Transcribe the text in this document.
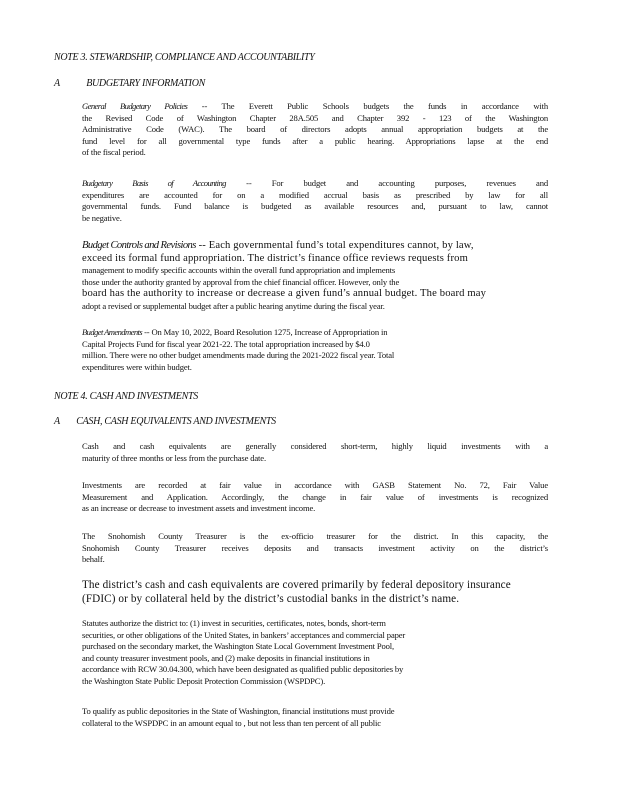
NOTE 3. STEWARDSHIP, COMPLIANCE AND ACCOUNTABILITY
A	BUDGETARY INFORMATION
General Budgetary Policies -- The Everett Public Schools budgets the funds in accordance with
the Revised Code of Washington Chapter 28A.505 and Chapter 392 - 123 of the Washington
Administrative Code (WAC). The board of directors adopts annual appropriation budgets at the
fund level for all governmental type funds after a public hearing. Appropriations lapse at the end
of the fiscal period.
Budgetary Basis of Accounting -- For budget and accounting purposes, revenues and
expenditures are accounted for on a modified accrual basis as prescribed by law for all
governmental funds. Fund balance is budgeted as available resources and, pursuant to law, cannot
be negative.
Budget Controls and Revisions -- Each governmental fund’s total expenditures cannot, by law,
exceed its formal fund appropriation. The district’s finance office reviews requests from
management to modify specific accounts within the overall fund appropriation and implements
those under the authority granted by approval from the chief financial officer. However, only the
board has the authority to increase or decrease a given fund’s annual budget. The board may
adopt a revised or supplemental budget after a public hearing anytime during the fiscal year.
Budget Amendments -- On May 10, 2022, Board Resolution 1275, Increase of Appropriation in
Capital Projects Fund for fiscal year 2021-22. The total appropriation increased by $4.0
million. There were no other budget amendments made during the 2021-2022 fiscal year. Total
expenditures were within budget.
NOTE 4. CASH AND INVESTMENTS
A CASH, CASH EQUIVALENTS AND INVESTMENTS
Cash and cash equivalents are generally considered short-term, highly liquid investments with a
maturity of three months or less from the purchase date.
Investments are recorded at fair value in accordance with GASB Statement No. 72, Fair Value
Measurement and Application. Accordingly, the change in fair value of investments is recognized
as an increase or decrease to investment assets and investment income.
The Snohomish County Treasurer is the ex-officio treasurer for the district. In this capacity, the
Snohomish County Treasurer receives deposits and transacts investment activity on the district’s
behalf.
The district’s cash and cash equivalents are covered primarily by federal depository insurance
(FDIC) or by collateral held by the district’s custodial banks in the district’s name.
Statutes authorize the district to: (1) invest in securities, certificates, notes, bonds, short-term
securities, or other obligations of the United States, in bankers’ acceptances and commercial paper
purchased on the secondary market, the Washington State Local Government Investment Pool,
and county treasurer investment pools, and (2) make deposits in financial institutions in
accordance with RCW 30.04.300, which have been designated as qualified public depositories by
the Washington State Public Deposit Protection Commission (WSPDPC).
To qualify as public depositories in the State of Washington, financial institutions must provide
collateral to the WSPDPC in an amount equal to , but not less than ten percent of all public
